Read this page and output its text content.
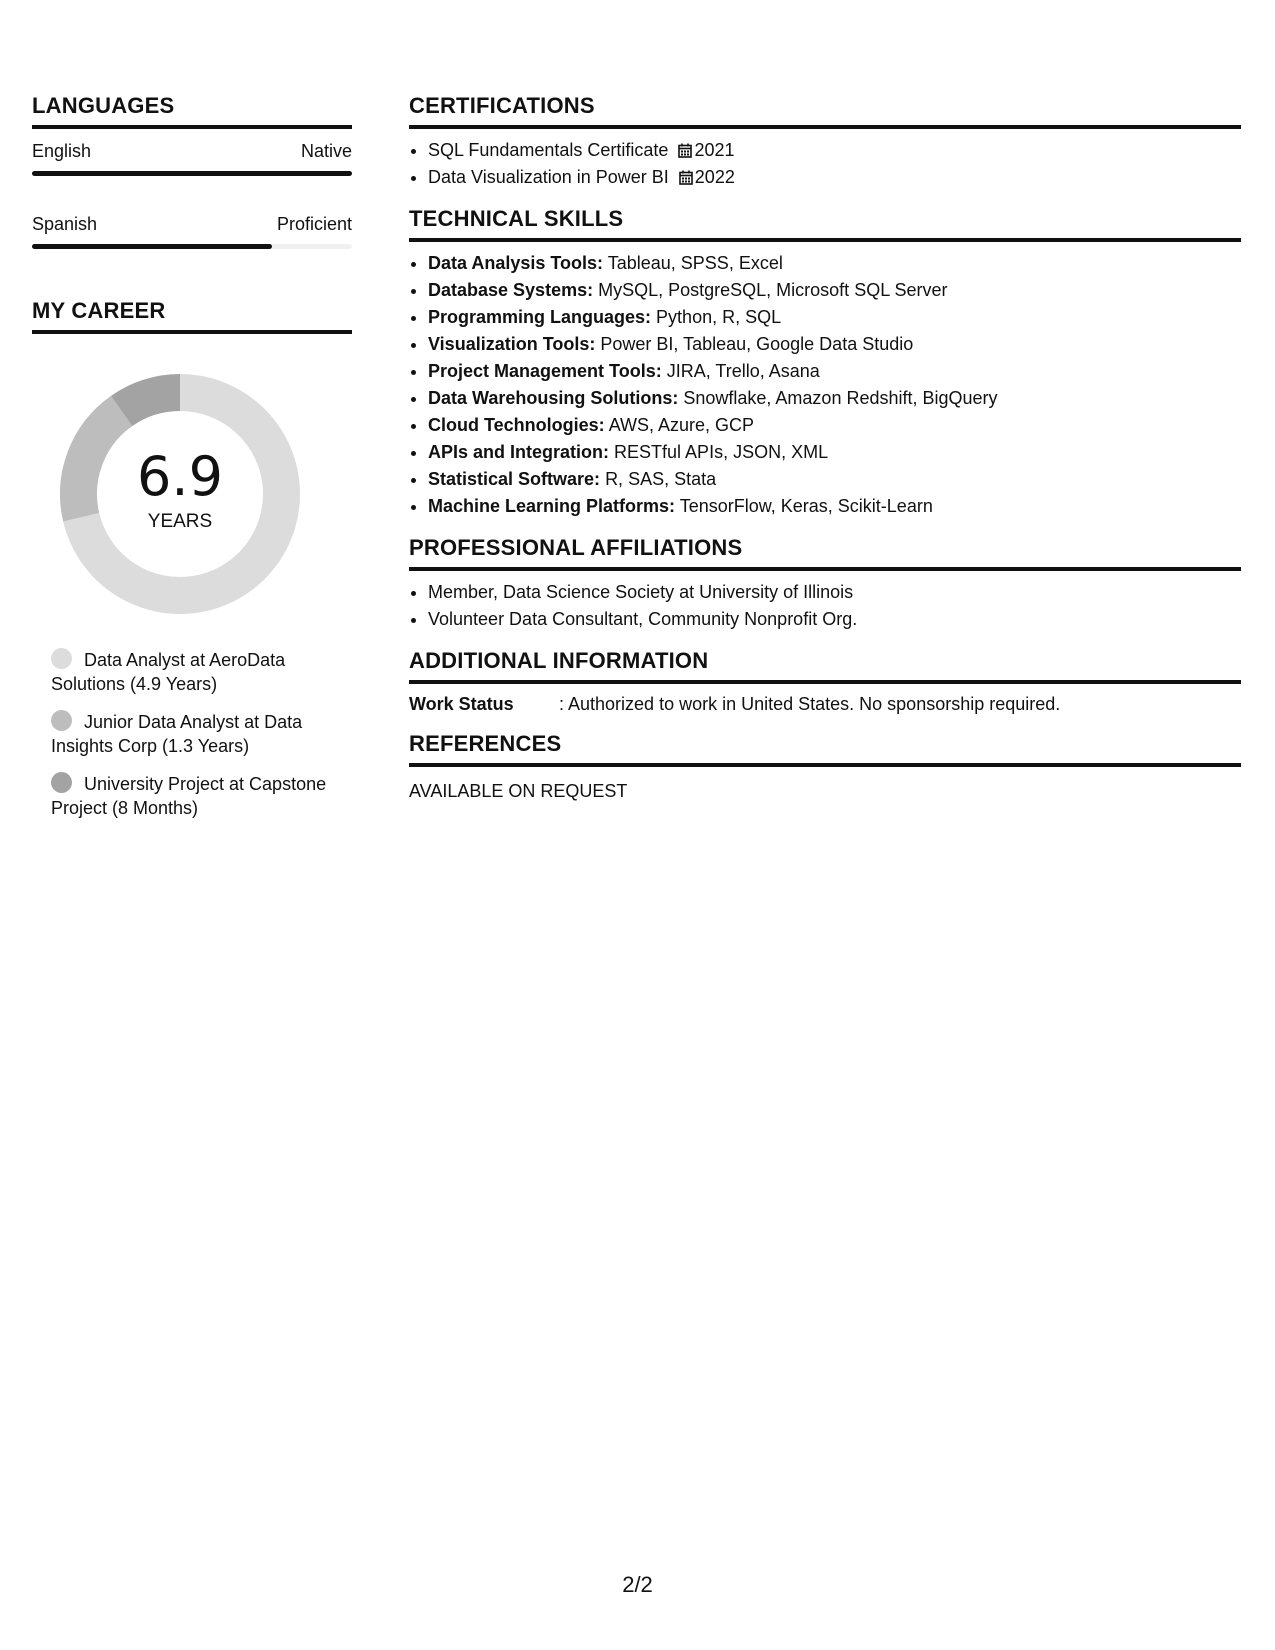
LANGUAGES
English	Native
Spanish	Proficient
MY CAREER
6.9
YEARS
Data Analyst at AeroData Solutions (4.9 Years)
Junior Data Analyst at Data Insights Corp (1.3 Years)
University Project at Capstone Project (8 Months)
CERTIFICATIONS
• SQL Fundamentals Certificate 2021
• Data Visualization in Power BI 2022
TECHNICAL SKILLS
• Data Analysis Tools: Tableau, SPSS, Excel
• Database Systems: MySQL, PostgreSQL, Microsoft SQL Server
• Programming Languages: Python, R, SQL
• Visualization Tools: Power BI, Tableau, Google Data Studio
• Project Management Tools: JIRA, Trello, Asana
• Data Warehousing Solutions: Snowflake, Amazon Redshift, BigQuery
• Cloud Technologies: AWS, Azure, GCP
• APIs and Integration: RESTful APIs, JSON, XML
• Statistical Software: R, SAS, Stata
• Machine Learning Platforms: TensorFlow, Keras, Scikit-Learn
PROFESSIONAL AFFILIATIONS
• Member, Data Science Society at University of Illinois
• Volunteer Data Consultant, Community Nonprofit Org.
ADDITIONAL INFORMATION
Work Status	: Authorized to work in United States. No sponsorship required.
REFERENCES
AVAILABLE ON REQUEST
2/2
